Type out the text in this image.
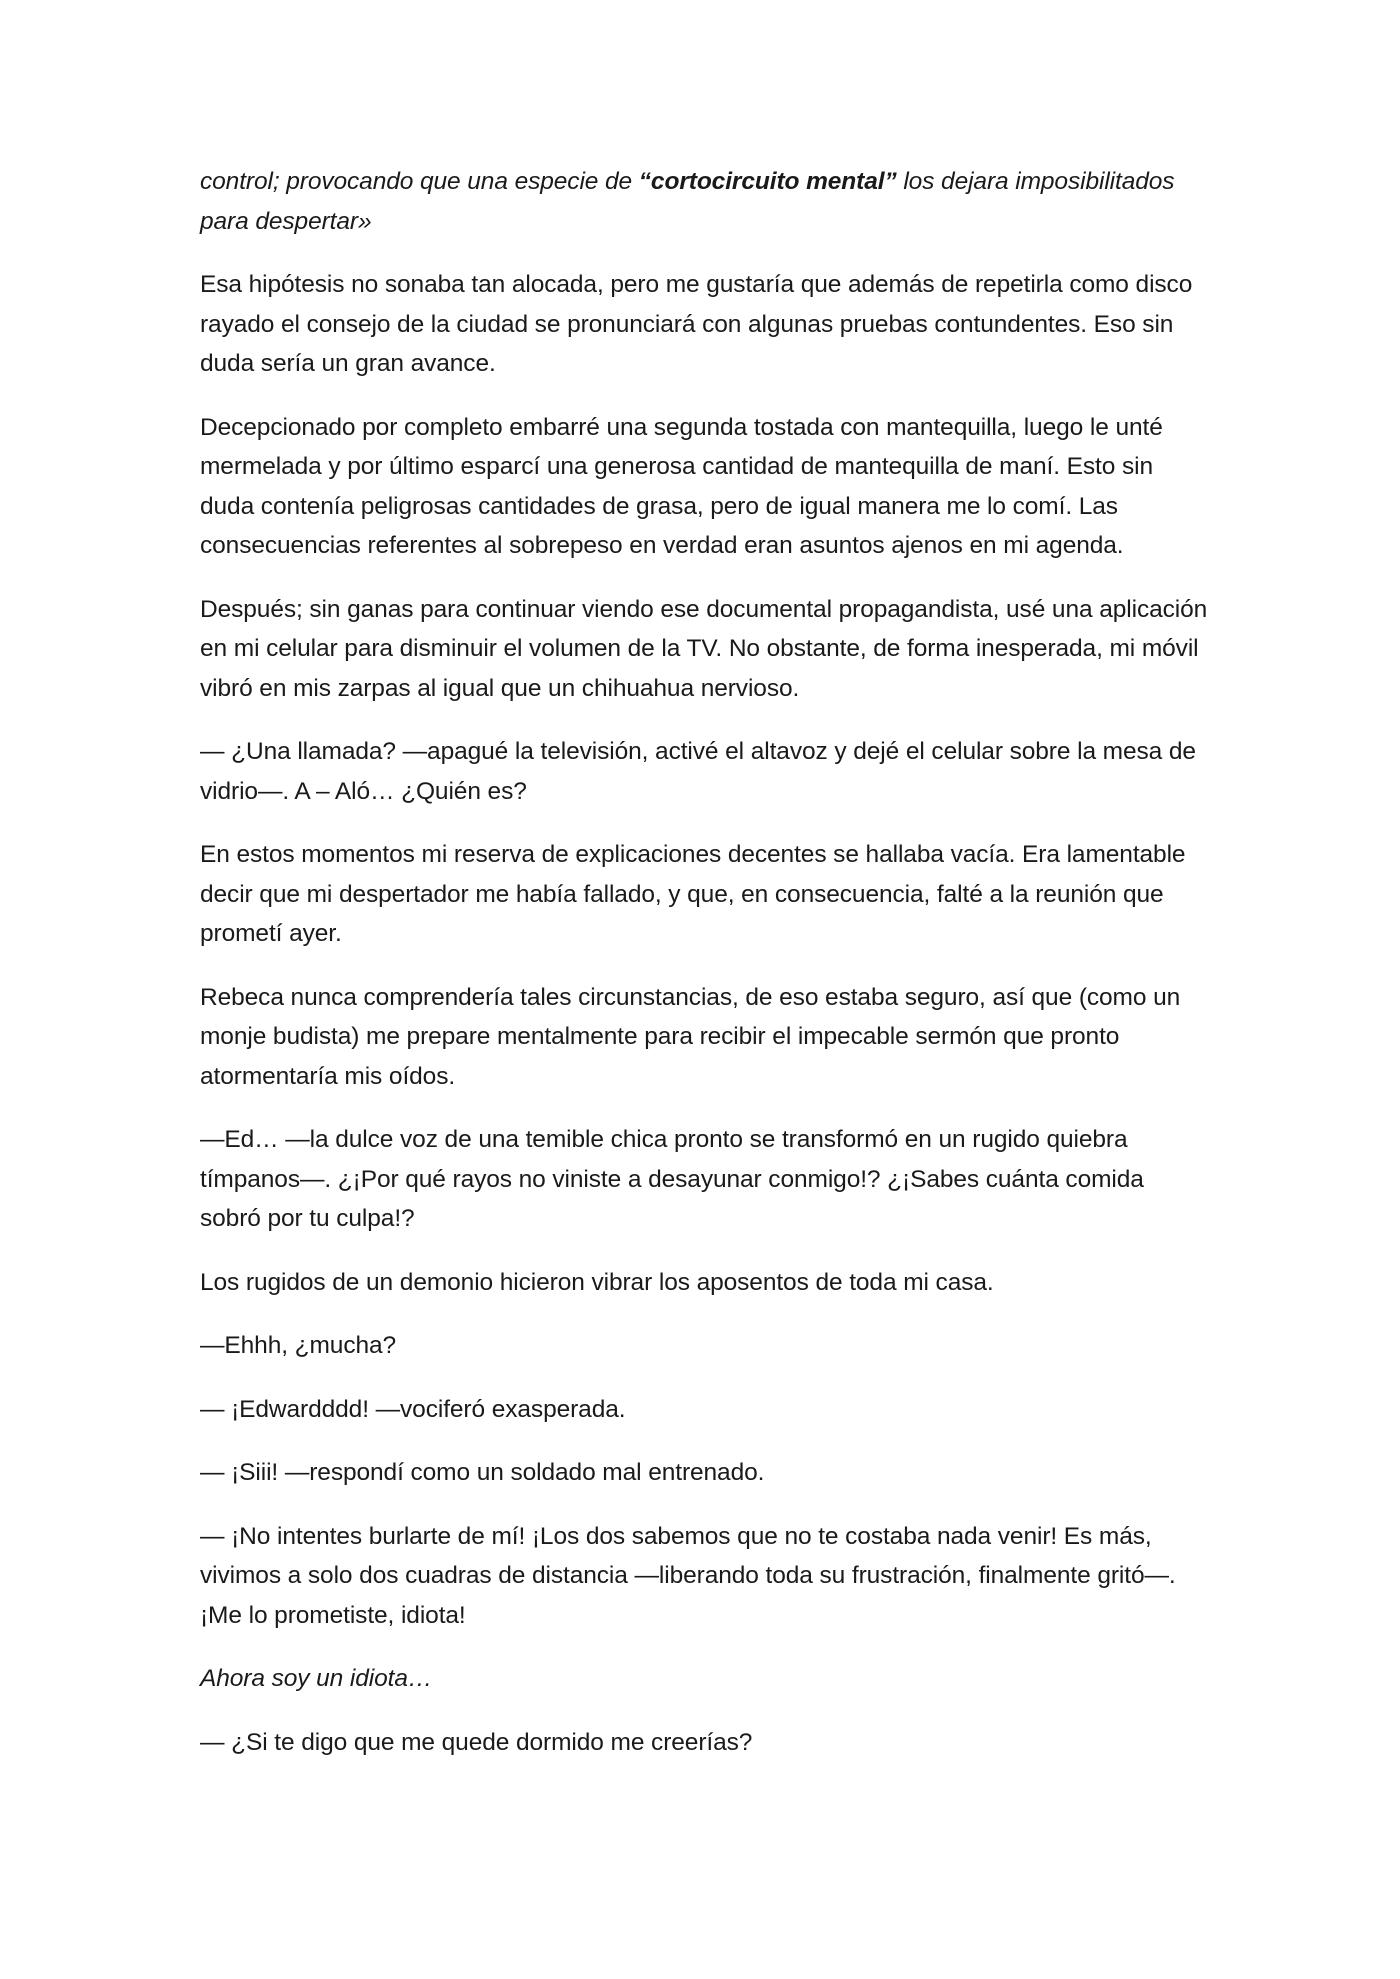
control; provocando que una especie de “cortocircuito mental” los dejara imposibilitados para despertar»

Esa hipótesis no sonaba tan alocada, pero me gustaría que además de repetirla como disco rayado el consejo de la ciudad se pronunciará con algunas pruebas contundentes. Eso sin duda sería un gran avance.

Decepcionado por completo embarré una segunda tostada con mantequilla, luego le unté mermelada y por último esparcí una generosa cantidad de mantequilla de maní. Esto sin duda contenía peligrosas cantidades de grasa, pero de igual manera me lo comí. Las consecuencias referentes al sobrepeso en verdad eran asuntos ajenos en mi agenda.

Después; sin ganas para continuar viendo ese documental propagandista, usé una aplicación en mi celular para disminuir el volumen de la TV. No obstante, de forma inesperada, mi móvil vibró en mis zarpas al igual que un chihuahua nervioso.

— ¿Una llamada? —apagué la televisión, activé el altavoz y dejé el celular sobre la mesa de vidrio—. A – Aló… ¿Quién es?

En estos momentos mi reserva de explicaciones decentes se hallaba vacía. Era lamentable decir que mi despertador me había fallado, y que, en consecuencia, falté a la reunión que prometí ayer.

Rebeca nunca comprendería tales circunstancias, de eso estaba seguro, así que (como un monje budista) me prepare mentalmente para recibir el impecable sermón que pronto atormentaría mis oídos.

—Ed… —la dulce voz de una temible chica pronto se transformó en un rugido quiebra tímpanos—. ¿¡Por qué rayos no viniste a desayunar conmigo!? ¿¡Sabes cuánta comida sobró por tu culpa!?

Los rugidos de un demonio hicieron vibrar los aposentos de toda mi casa.

—Ehhh, ¿mucha?

— ¡Edwardddd! —vociferó exasperada.

— ¡Siii! —respondí como un soldado mal entrenado.

— ¡No intentes burlarte de mí! ¡Los dos sabemos que no te costaba nada venir! Es más, vivimos a solo dos cuadras de distancia —liberando toda su frustración, finalmente gritó—. ¡Me lo prometiste, idiota!

Ahora soy un idiota…

— ¿Si te digo que me quede dormido me creerías?
